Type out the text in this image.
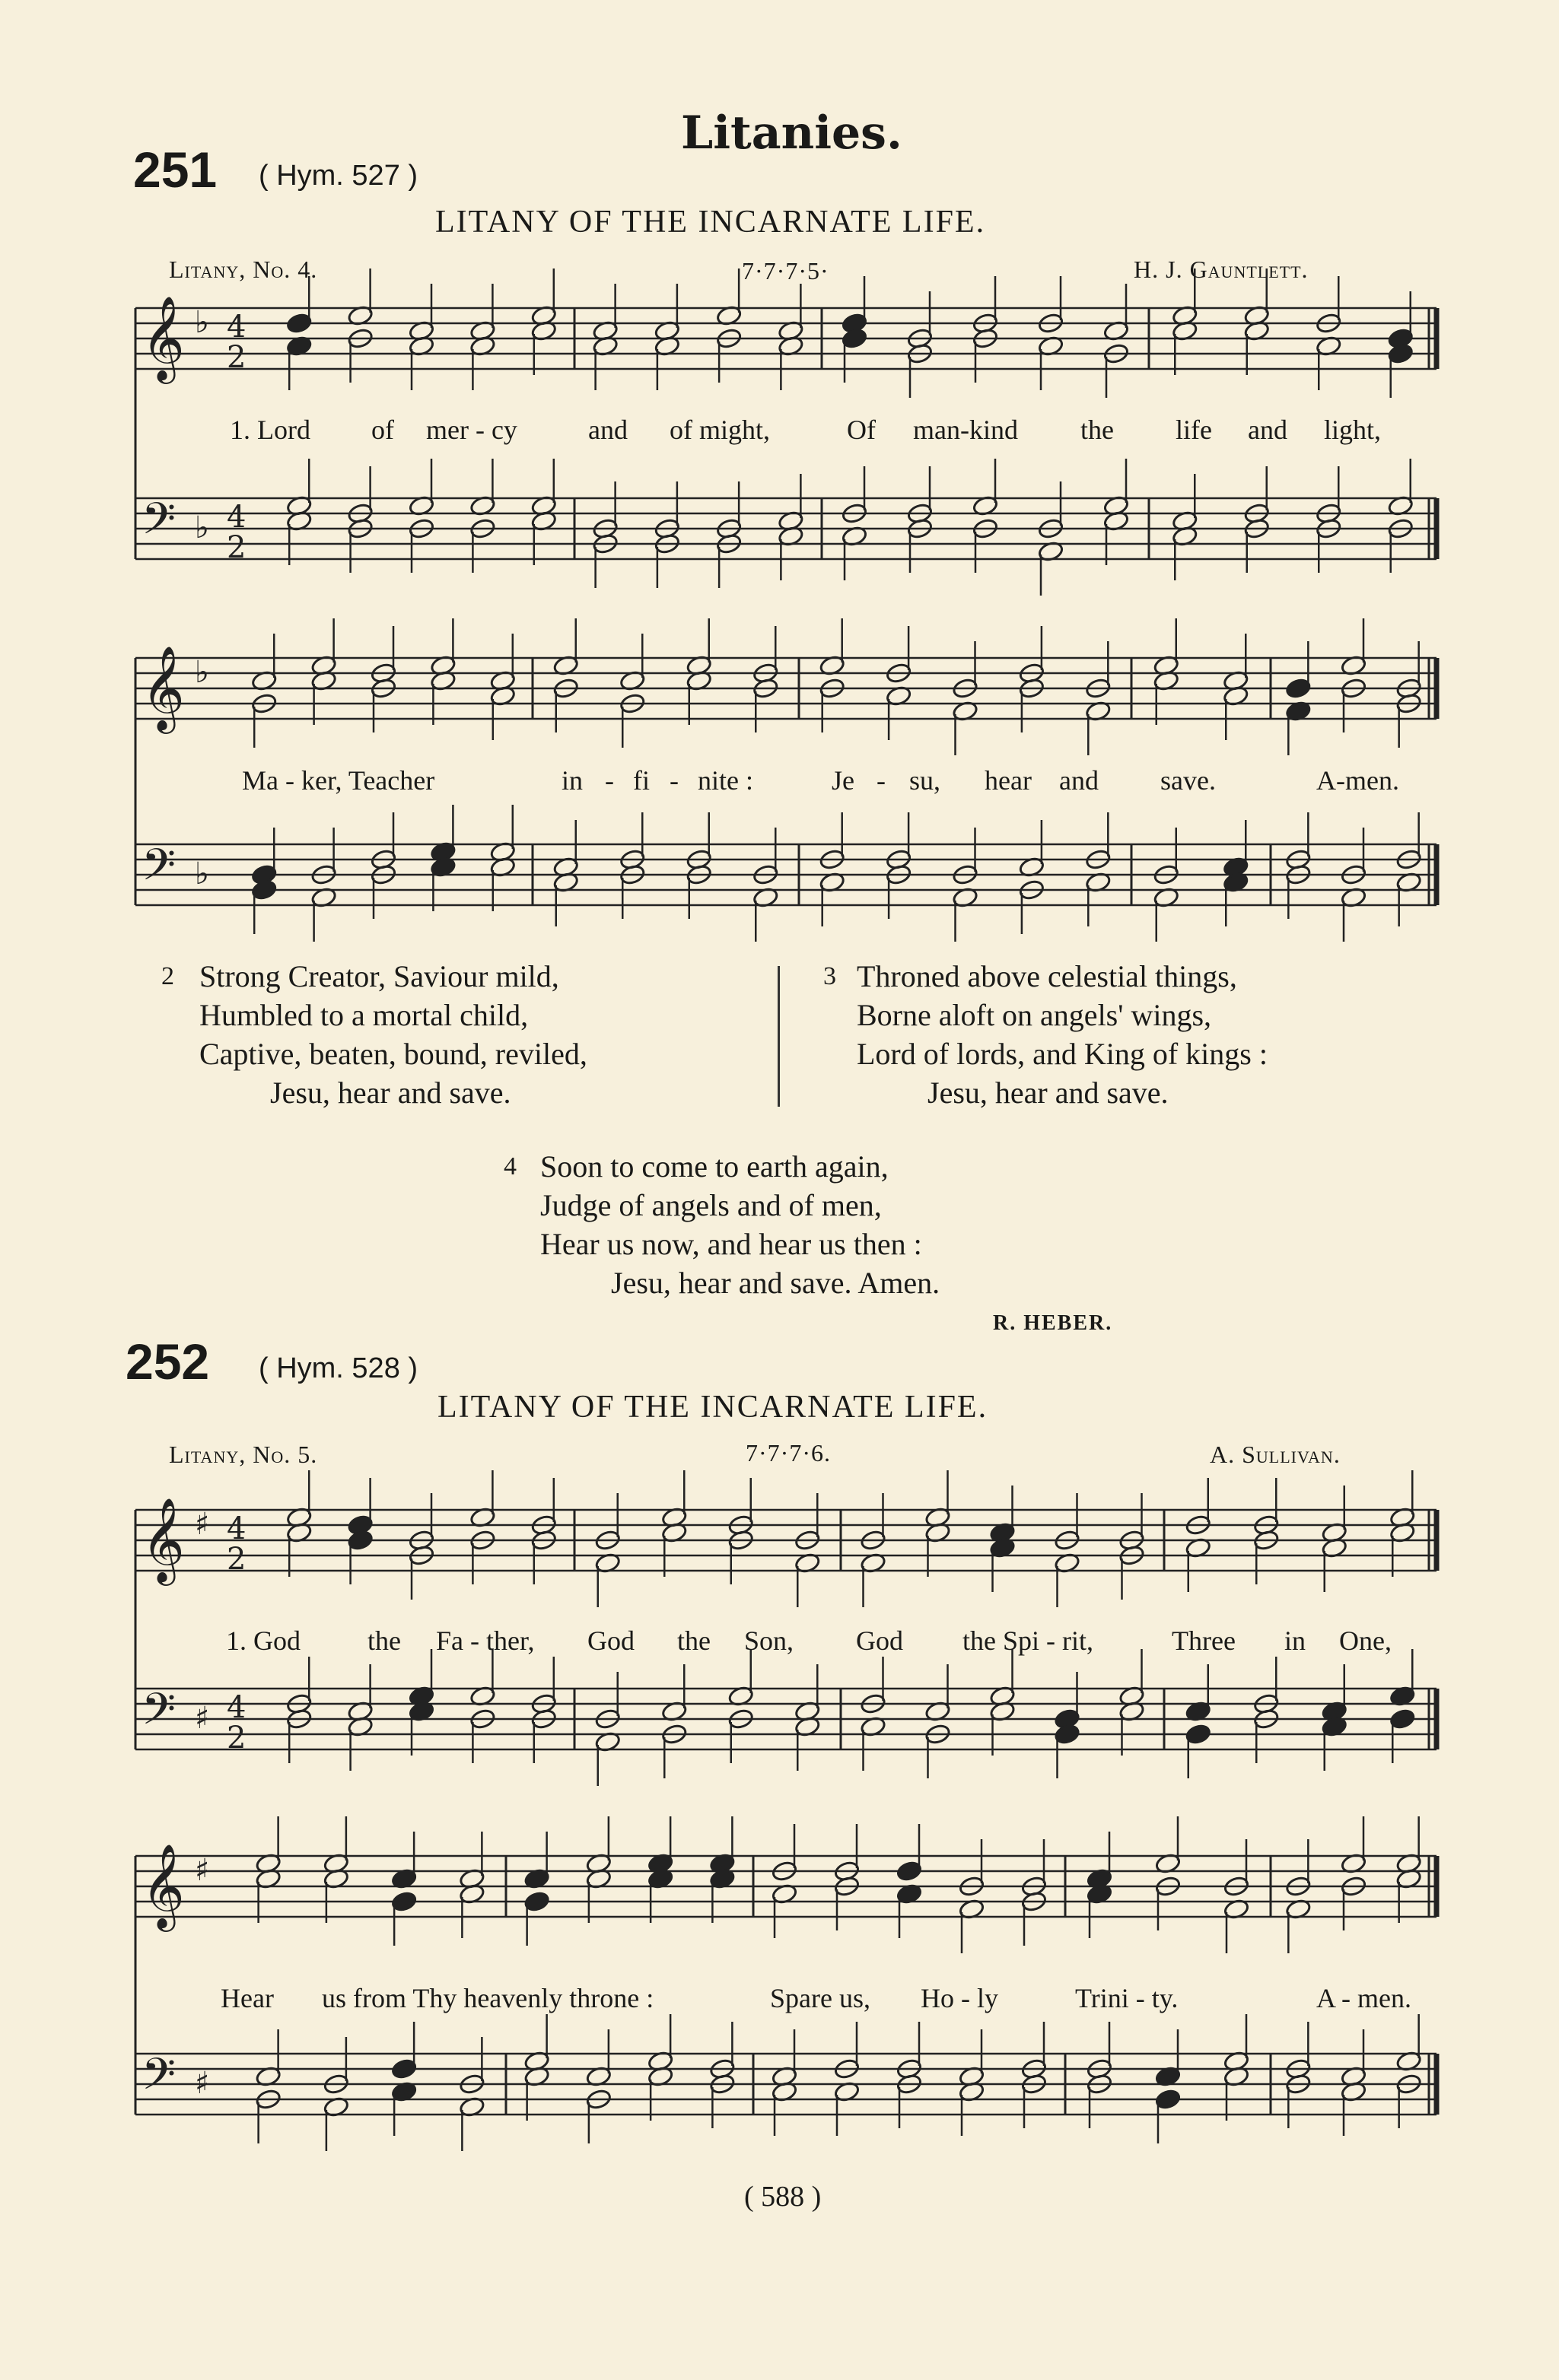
Litanies.
251 ( Hym. 527 )
LITANY OF THE INCARNATE LIFE.
Litany, No. 4.	7·7·7·5·	H. J. Gauntlett.
𝄞 ♭ 4
2
𝄢 ♭ 4
2
𝄞 ♭
𝄢 ♭
𝄞 ♯ 4
2
𝄢 ♯ 4
2
𝄞 ♯
𝄢 ♯
1. Lord of mer - cy	and of might,	Of man-kind the life and light,
Ma - ker, Teacher	in - fi - nite :	Je - su, hear and save.	A-men.
2 Strong Creator, Saviour mild,
Humbled to a mortal child,
Captive, beaten, bound, reviled,
Jesu, hear and save.
3 Throned above celestial things,
Borne aloft on angels' wings,
Lord of lords, and King of kings :
Jesu, hear and save.
4 Soon to come to earth again,
Judge of angels and of men,
Hear us now, and hear us then :
Jesu, hear and save. Amen.
R. HEBER.
252 ( Hym. 528 )
LITANY OF THE INCARNATE LIFE.
Litany, No. 5.	7·7·7·6.	A. Sullivan.
1. God the Fa - ther, God the Son, God the Spi - rit,	Three in One,
Hear us from Thy heavenly throne :	Spare us, Ho - ly	Trini - ty.	A - men.
( 588 )
